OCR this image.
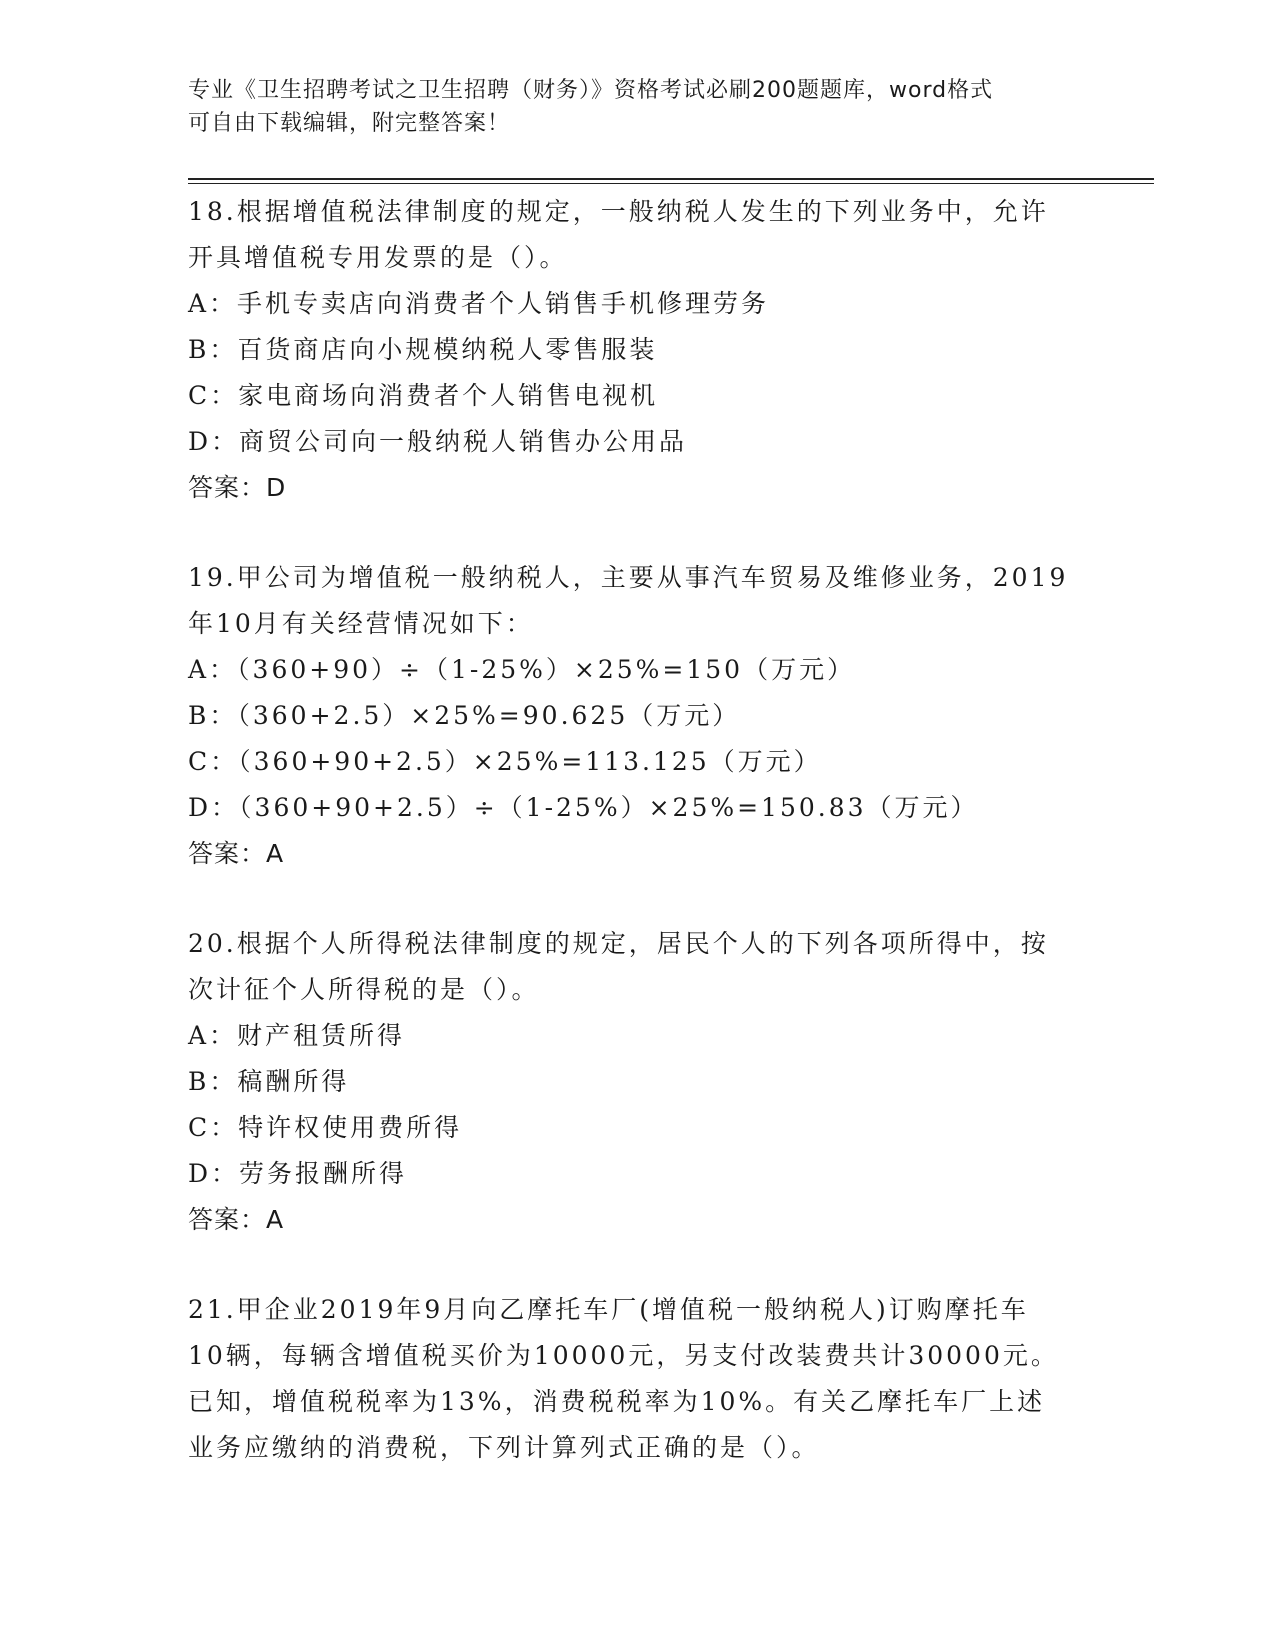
专业《卫生招聘考试之卫生招聘（财务）》资格考试必刷200题题库，word格式

可自由下载编辑，附完整答案！

18.根据增值税法律制度的规定，一般纳税人发生的下列业务中，允许

开具增值税专用发票的是（）。

A：手机专卖店向消费者个人销售手机修理劳务

B：百货商店向小规模纳税人零售服装

C：家电商场向消费者个人销售电视机

D：商贸公司向一般纳税人销售办公用品

答案：D

19.甲公司为增值税一般纳税人，主要从事汽车贸易及维修业务，2019

年10月有关经营情况如下：

A：（360+90）÷（1-25%）×25%=150（万元）

B：（360+2.5）×25%=90.625（万元）

C：（360+90+2.5）×25%=113.125（万元）

D：（360+90+2.5）÷（1-25%）×25%=150.83（万元）

答案：A

20.根据个人所得税法律制度的规定，居民个人的下列各项所得中，按

次计征个人所得税的是（）。

A：财产租赁所得

B：稿酬所得

C：特许权使用费所得

D：劳务报酬所得

答案：A

21.甲企业2019年9月向乙摩托车厂(增值税一般纳税人)订购摩托车

10辆，每辆含增值税买价为10000元，另支付改装费共计30000元。

已知，增值税税率为13%，消费税税率为10%。有关乙摩托车厂上述

业务应缴纳的消费税，下列计算列式正确的是（）。
